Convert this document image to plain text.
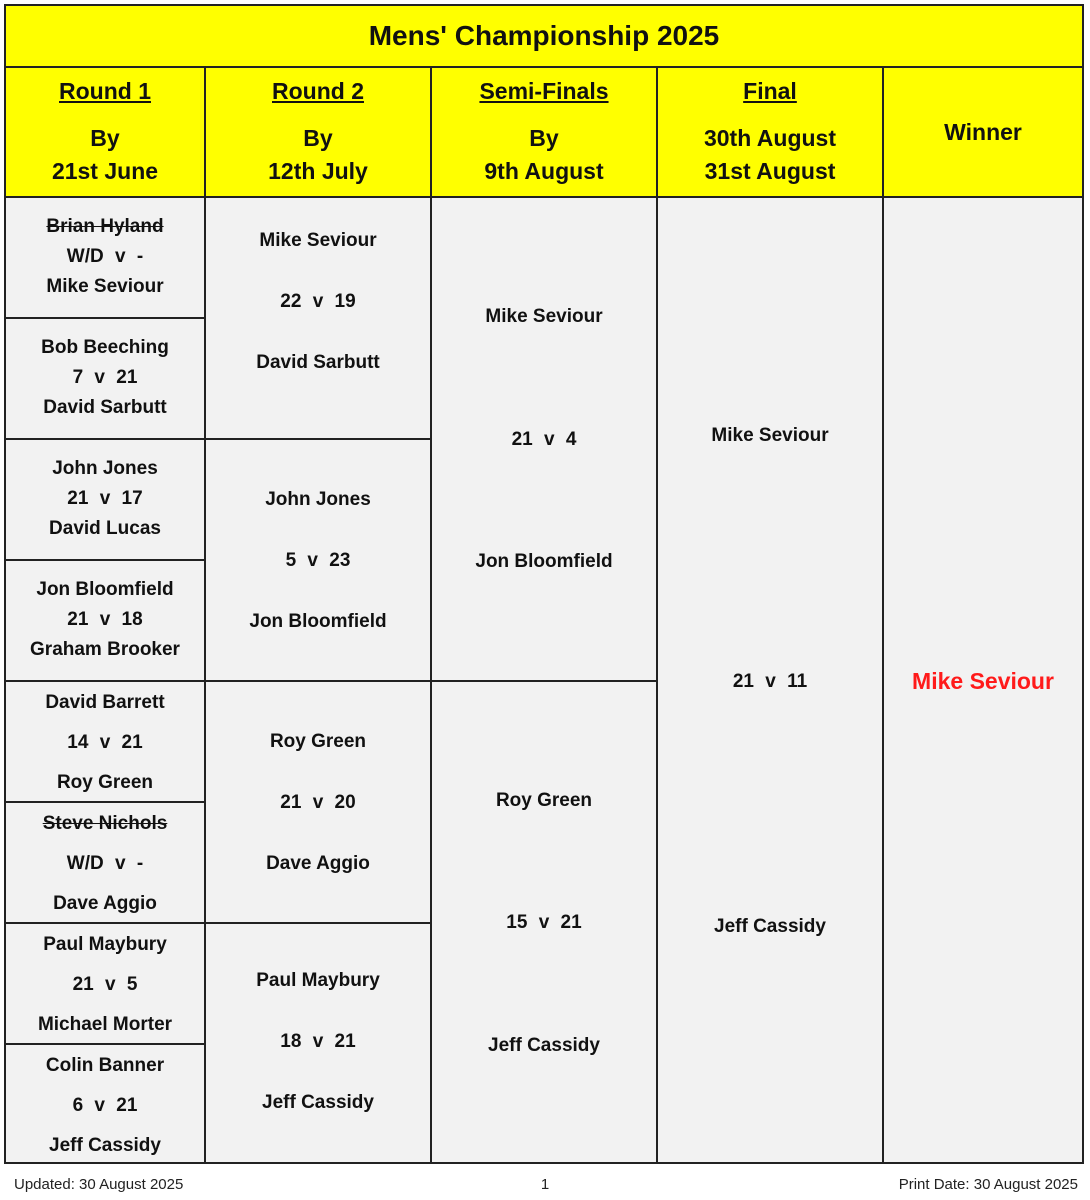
Mens' Championship 2025
Round 1
By
21st June
Round 2
By
12th July
Semi-Finals
By
9th August
Final
30th August
31st August
Winner
Brian Hyland
W/D v -
Mike Seviour
Bob Beeching
7 v 21
David Sarbutt
John Jones
21 v 17
David Lucas
Jon Bloomfield
21 v 18
Graham Brooker
David Barrett
14 v 21
Roy Green
Steve Nichols
W/D v -
Dave Aggio
Paul Maybury
21 v 5
Michael Morter
Colin Banner
6 v 21
Jeff Cassidy
Mike Seviour
22 v 19
David Sarbutt
John Jones
5 v 23
Jon Bloomfield
Roy Green
21 v 20
Dave Aggio
Paul Maybury
18 v 21
Jeff Cassidy
Mike Seviour
21 v 4
Jon Bloomfield
Roy Green
15 v 21
Jeff Cassidy
Mike Seviour
21 v 11
Jeff Cassidy
Mike Seviour
Updated: 30 August 2025	1	Print Date: 30 August 2025
